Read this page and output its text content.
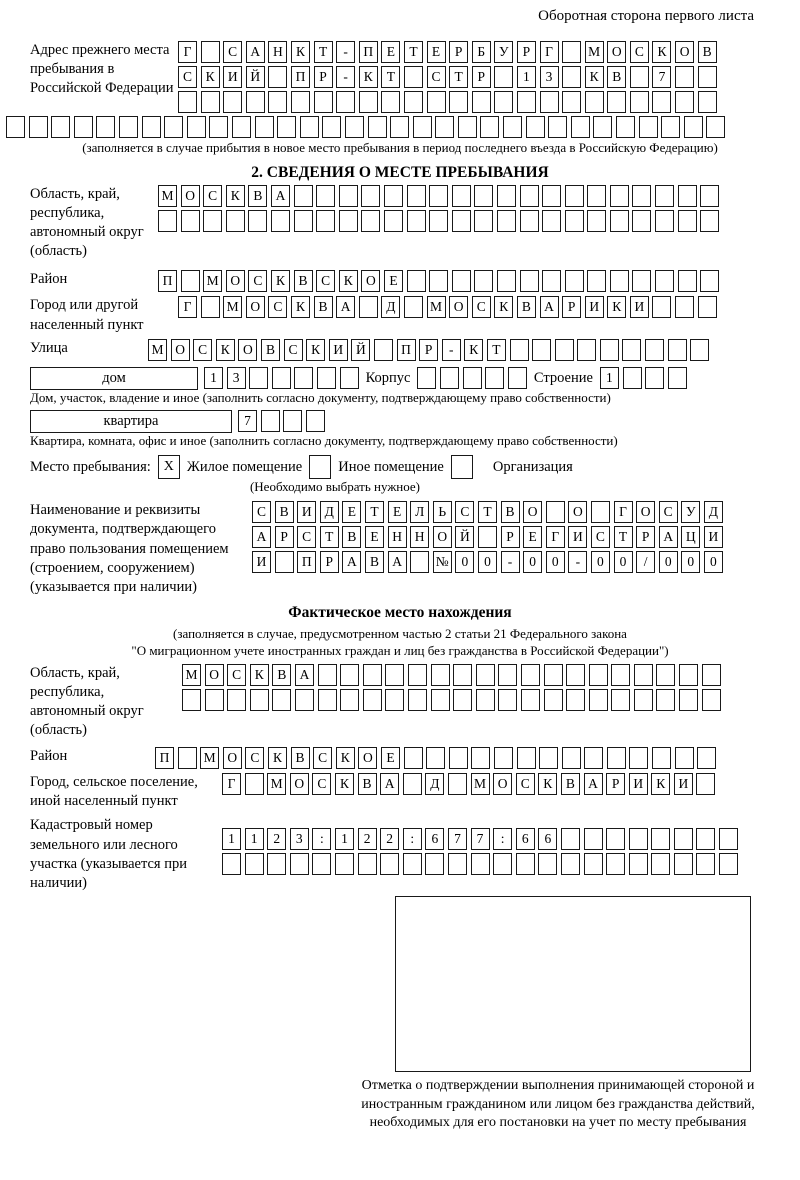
Оборотная сторона первого листа
Адрес прежнего места пребывания в Российской Федерации
Г	С А Н К	Т	-	П	Е	Т	Е	Р	Б	У	Р	Г	М О С	К О В
С	К И Й	П	Р	-	К	Т	С	Т	Р	1	3	К	В	7
(заполняется в случае прибытия в новое место пребывания в период последнего въезда в Российскую Федерацию)
2. СВЕДЕНИЯ О МЕСТЕ ПРЕБЫВАНИЯ
Область, край, республика, автономный округ (область)
М О С	К	В А
Район	П	М О С	К	В	С	К О	Е
Город или другой населенный пункт
Г	М О С	К	В А	Д	М О С	К	В А	Р	И К И
Улица	М О С	К О В	С	К И Й	П	Р	-	К	Т
дом	1	3	Корпус	Строение 1
Дом, участок, владение и иное (заполнить согласно документу, подтверждающему право собственности)
квартира	7
Квартира, комната, офис и иное (заполнить согласно документу, подтверждающему право собственности)
Место пребывания: X Жилое помещение Иное помещение	Организация
(Необходимо выбрать нужное)
Наименование и реквизиты документа, подтверждающего право пользования помещением (строением, сооружением) (указывается при наличии)
С	В И Д	Е	Т	Е	Л	Ь	С	Т	В О	О	Г	О С У Д
А	Р	С	Т	В	Е	Н Н О Й	Р	Е	Г	И С	Т	Р	А Ц И
И	П	Р	А В А	№ 0	0	-	0	0	-	0	0	/	0	0	0
Фактическое место нахождения
(заполняется в случае, предусмотренном частью 2 статьи 21 Федерального закона
"О миграционном учете иностранных граждан и лиц без гражданства в Российской Федерации")
Область, край, республика, автономный округ (область)
М О С	К	В А
Район	П	М О С	К	В	С	К О	Е
Город, сельское поселение, иной населенный пункт
Г	М О С	К	В А	Д	М О С	К	В А	Р	И К И
Кадастровый номер земельного или лесного участка (указывается при наличии)
1	1	2	3	:	1	2	2	:	6	7	7	:	6	6
Отметка о подтверждении выполнения принимающей стороной и иностранным гражданином или лицом без гражданства действий, необходимых для его постановки на учет по месту пребывания
